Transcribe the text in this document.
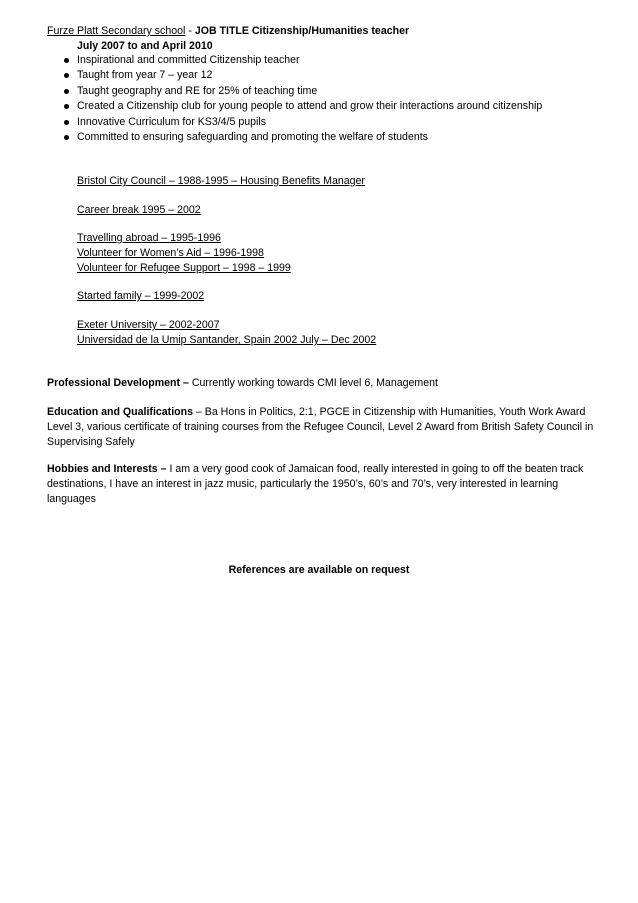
Furze Platt Secondary school - JOB TITLE Citizenship/Humanities teacher
July 2007 to and April 2010
Inspirational and committed Citizenship teacher
Taught from year 7 – year 12
Taught geography and RE for 25% of teaching time
Created a Citizenship club for young people to attend and grow their interactions around citizenship
Innovative Curriculum for KS3/4/5 pupils
Committed to ensuring safeguarding and promoting the welfare of students
Bristol City Council – 1988-1995 – Housing Benefits Manager
Career break 1995 – 2002
Travelling abroad – 1995-1996
Volunteer for Women’s Aid – 1996-1998
Volunteer for Refugee Support – 1998 – 1999
Started family – 1999-2002
Exeter University – 2002-2007
Universidad de la Umip Santander, Spain 2002 July – Dec 2002
Professional Development – Currently working towards CMI level 6, Management
Education and Qualifications – Ba Hons in Politics, 2:1, PGCE in Citizenship with Humanities, Youth Work Award Level 3, various certificate of training courses from the Refugee Council, Level 2 Award from British Safety Council in Supervising Safely
Hobbies and Interests – I am a very good cook of Jamaican food, really interested in going to off the beaten track destinations, I have an interest in jazz music, particularly the 1950’s, 60’s and 70’s, very interested in learning languages
References are available on request
